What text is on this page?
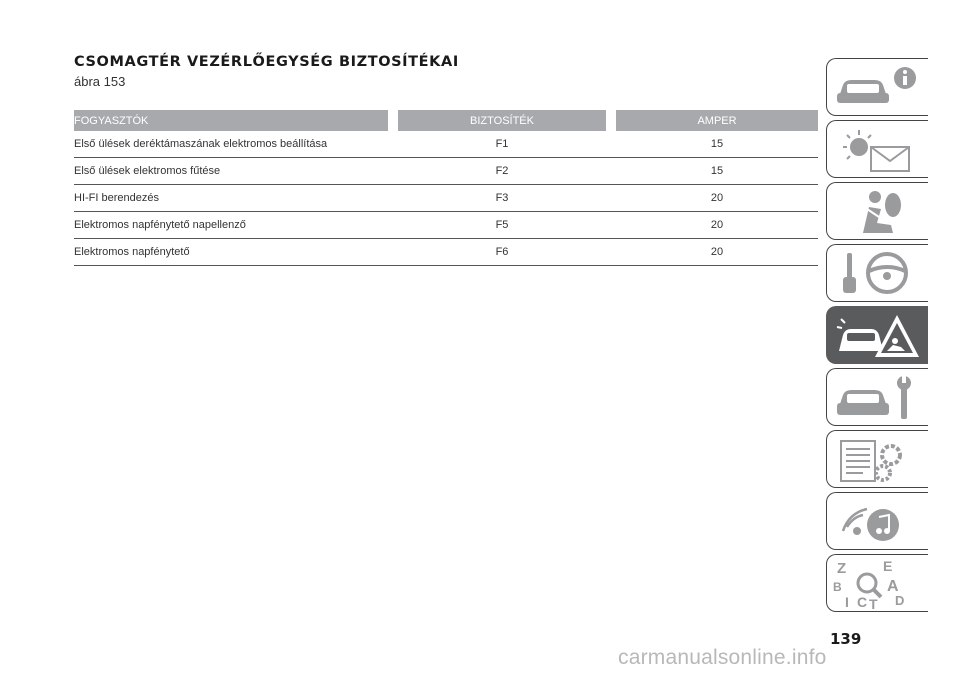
CSOMAGTÉR VEZÉRLŐEGYSÉG BIZTOSÍTÉKAI
ábra 153
FOGYASZTÓK		BIZTOSÍTÉK		AMPER
Első ülések deréktámaszának elektromos beállítása		F1		15
Első ülések elektromos fűtése		F2		15
HI-FI berendezés		F3		20
Elektromos napfénytető napellenző		F5		20
Elektromos napfénytető		F6		20
Z	E
B	A
I C T D
139
carmanualsonline.info
